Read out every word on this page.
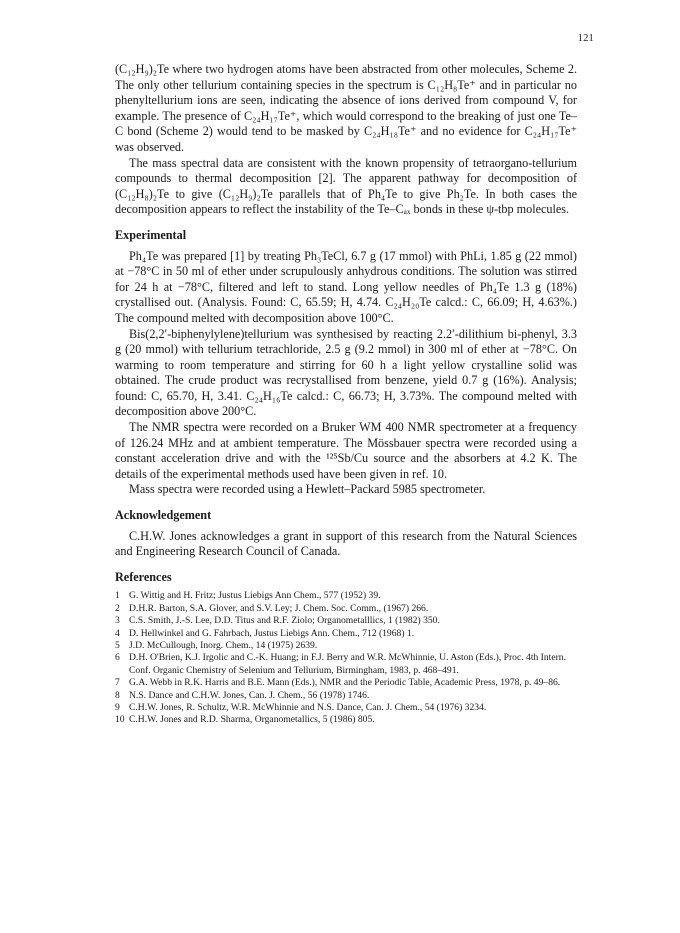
121

(C₁₂H₉)₂Te where two hydrogen atoms have been abstracted from other molecules, Scheme 2. The only other tellurium containing species in the spectrum is C₁₂H₈Te⁺ and in particular no phenyltellurium ions are seen, indicating the absence of ions derived from compound V, for example. The presence of C₂₄H₁₇Te⁺, which would correspond to the breaking of just one Te–C bond (Scheme 2) would tend to be masked by C₂₄H₁₈Te⁺ and no evidence for C₂₄H₁₇Te⁺ was observed.

The mass spectral data are consistent with the known propensity of tetraorgano-tellurium compounds to thermal decomposition [2]. The apparent pathway for decomposition of (C₁₂H₈)₂Te to give (C₁₂H₉)₂Te parallels that of Ph₄Te to give Ph₂Te. In both cases the decomposition appears to reflect the instability of the Te–Cₐₓ bonds in these ψ-tbp molecules.

Experimental

Ph₄Te was prepared [1] by treating Ph₃TeCl, 6.7 g (17 mmol) with PhLi, 1.85 g (22 mmol) at −78°C in 50 ml of ether under scrupulously anhydrous conditions. The solution was stirred for 24 h at −78°C, filtered and left to stand. Long yellow needles of Ph₄Te 1.3 g (18%) crystallised out. (Analysis. Found: C, 65.59; H, 4.74. C₂₄H₂₀Te calcd.: C, 66.09; H, 4.63%.) The compound melted with decomposition above 100°C.

Bis(2,2′-biphenylylene)tellurium was synthesised by reacting 2.2′-dilithium bi-phenyl, 3.3 g (20 mmol) with tellurium tetrachloride, 2.5 g (9.2 mmol) in 300 ml of ether at −78°C. On warming to room temperature and stirring for 60 h a light yellow crystalline solid was obtained. The crude product was recrystallised from benzene, yield 0.7 g (16%). Analysis; found: C, 65.70, H, 3.41. C₂₄H₁₆Te calcd.: C, 66.73; H, 3.73%. The compound melted with decomposition above 200°C.

The NMR spectra were recorded on a Bruker WM 400 NMR spectrometer at a frequency of 126.24 MHz and at ambient temperature. The Mössbauer spectra were recorded using a constant acceleration drive and with the ¹²⁵Sb/Cu source and the absorbers at 4.2 K. The details of the experimental methods used have been given in ref. 10.

Mass spectra were recorded using a Hewlett–Packard 5985 spectrometer.

Acknowledgement

C.H.W. Jones acknowledges a grant in support of this research from the Natural Sciences and Engineering Research Council of Canada.

References
1 G. Wittig and H. Fritz; Justus Liebigs Ann Chem., 577 (1952) 39.
2 D.H.R. Barton, S.A. Glover, and S.V. Ley; J. Chem. Soc. Comm., (1967) 266.
3 C.S. Smith, J.-S. Lee, D.D. Titus and R.F. Ziolo; Organometalllics, 1 (1982) 350.
4 D. Hellwinkel and G. Fahrbach, Justus Liebigs Ann. Chem., 712 (1968) 1.
5 J.D. McCullough, Inorg. Chem., 14 (1975) 2639.
6 D.H. O'Brien, K.J. Irgolic and C.-K. Huang; in F.J. Berry and W.R. McWhinnie, U. Aston (Eds.), Proc. 4th Intern. Conf. Organic Chemistry of Selenium and Tellurium, Birmingham, 1983, p. 468–491.
7 G.A. Webb in R.K. Harris and B.E. Mann (Eds.), NMR and the Periodic Table, Academic Press, 1978, p. 49–86.
8 N.S. Dance and C.H.W. Jones, Can. J. Chem., 56 (1978) 1746.
9 C.H.W. Jones, R. Schultz, W.R. McWhinnie and N.S. Dance, Can. J. Chem., 54 (1976) 3234.
10 C.H.W. Jones and R.D. Sharma, Organometallics, 5 (1986) 805.
